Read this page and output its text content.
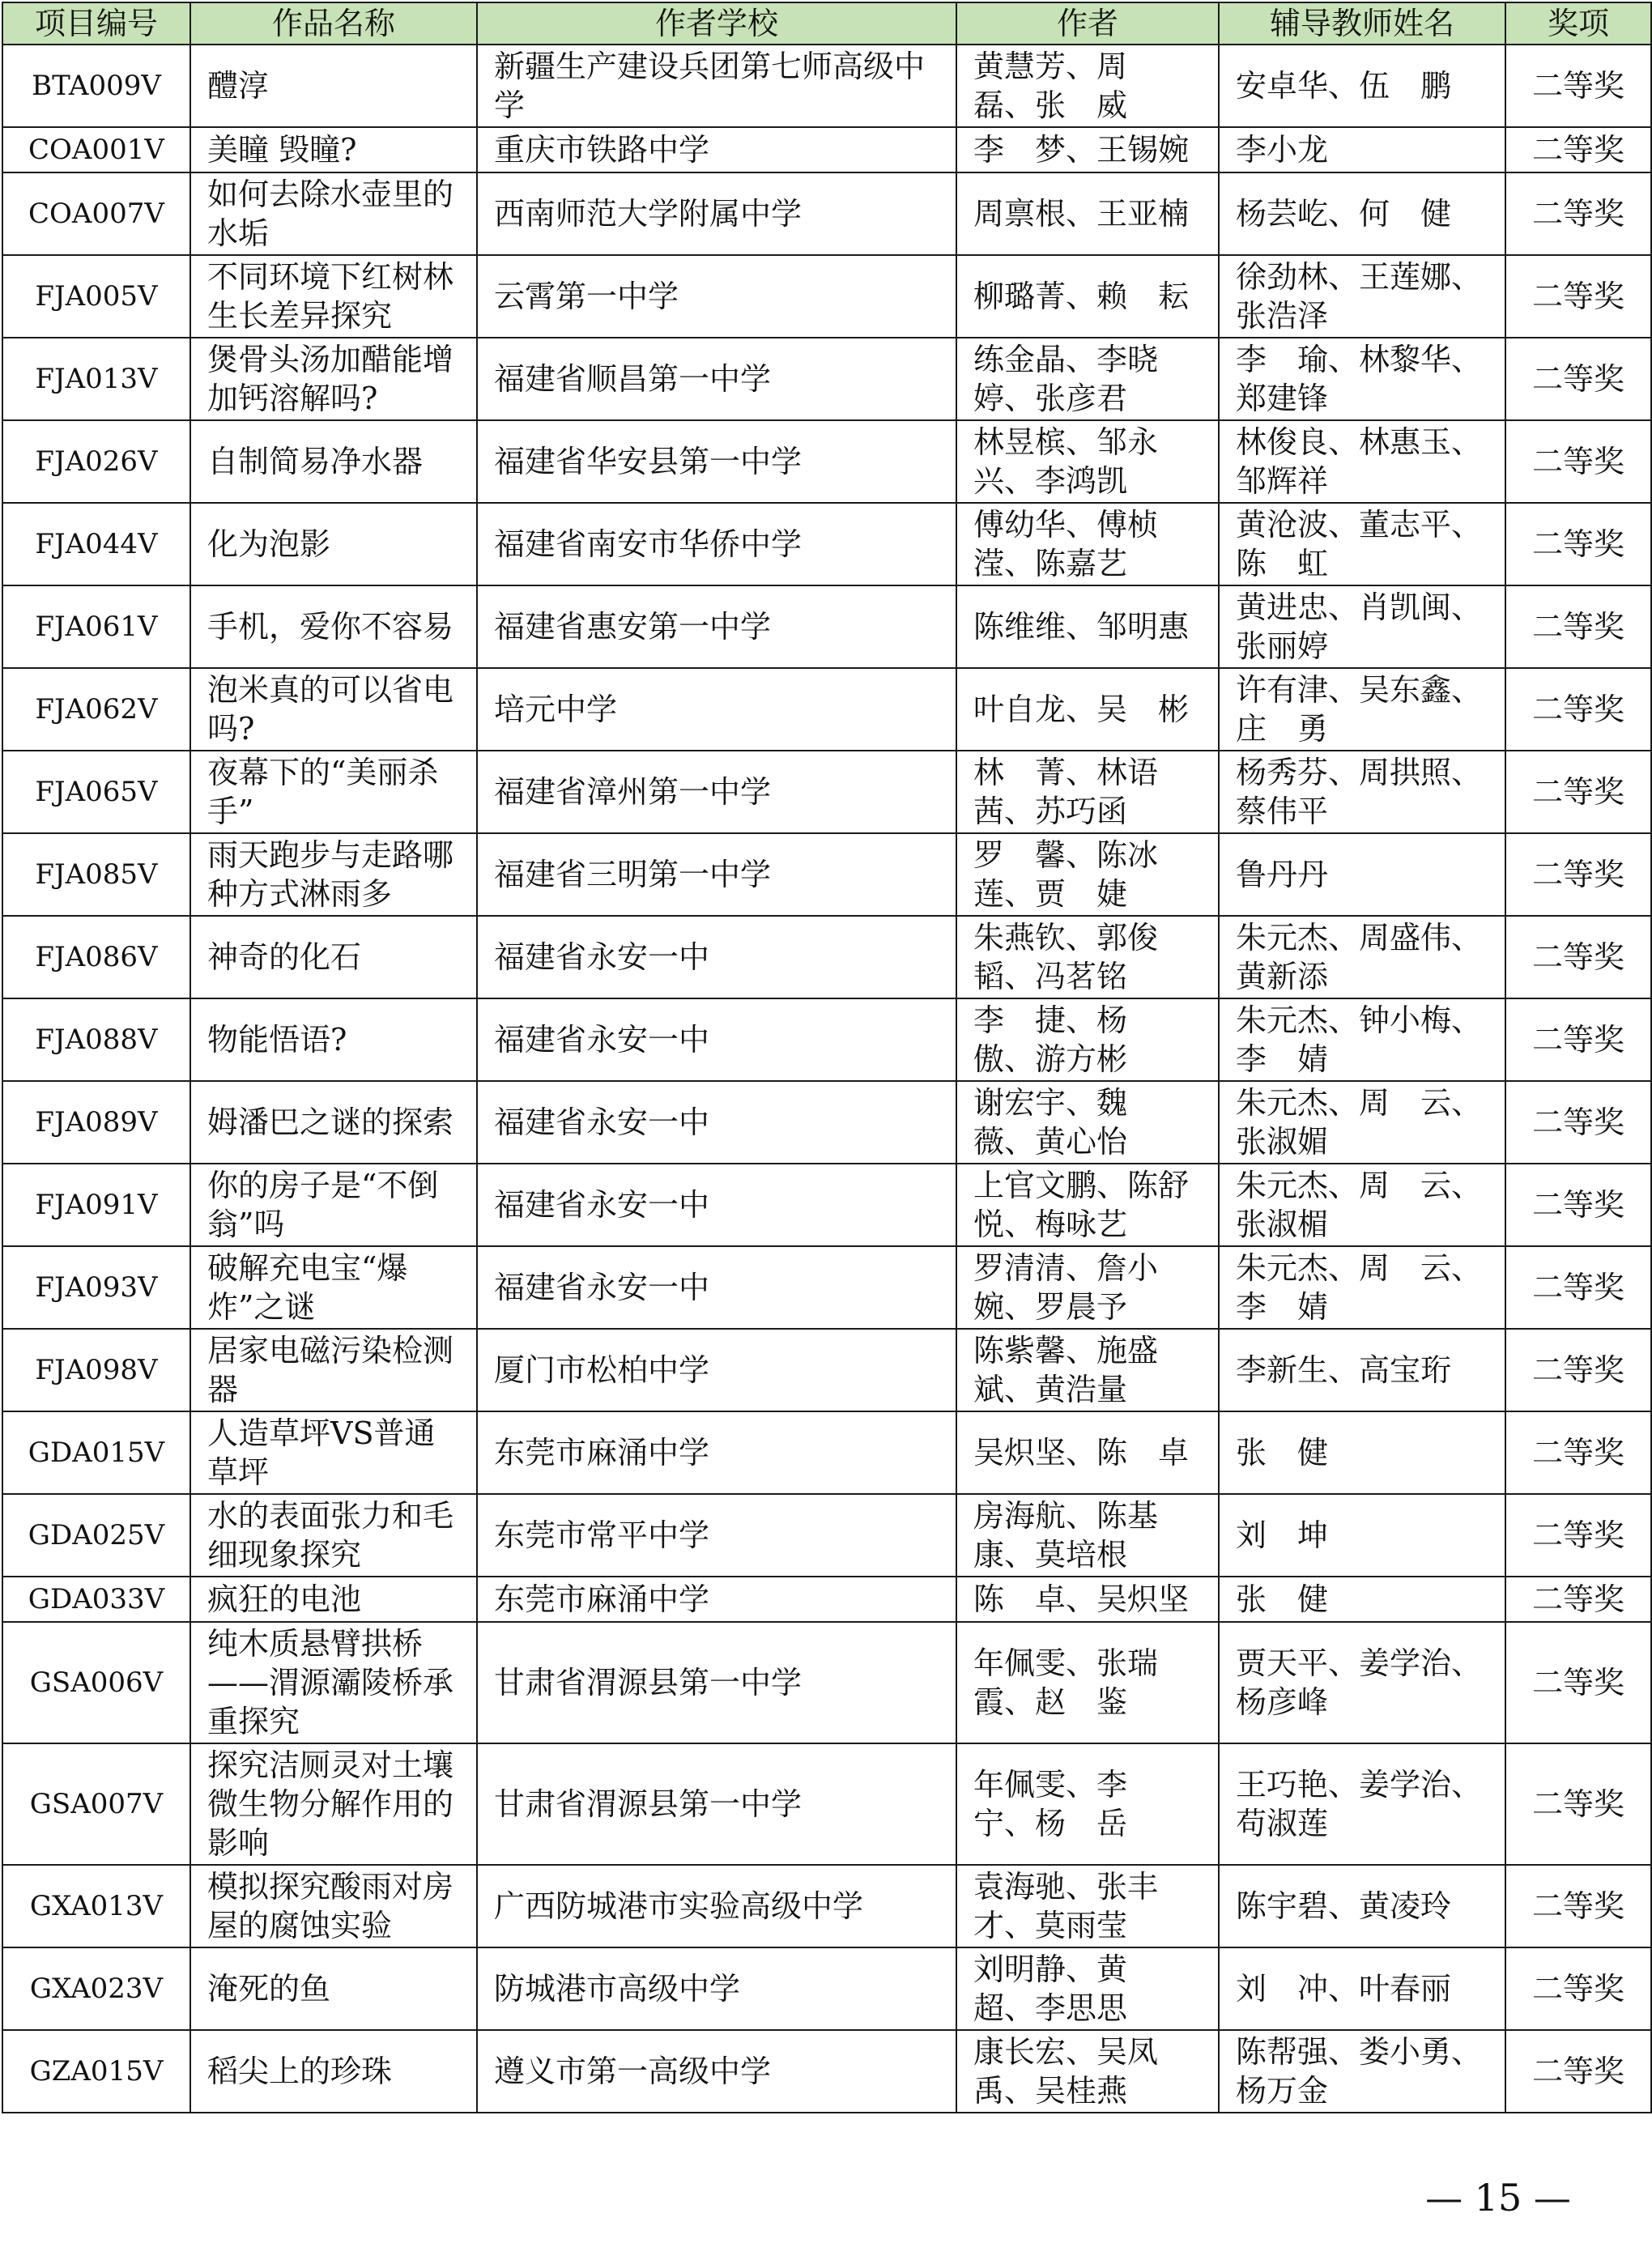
项目编号	作品名称	作者学校	作者	辅导教师姓名	奖项
BTA009V	醴淳	新疆生产建设兵团第七师高级中学	黄慧芳、周　磊、张　威	安卓华、伍　鹏	二等奖
COA001V	美瞳 毁瞳?	重庆市铁路中学	李　梦、王锡婉	李小龙	二等奖
COA007V	如何去除水壶里的水垢	西南师范大学附属中学	周禀根、王亚楠	杨芸屹、何　健	二等奖
FJA005V	不同环境下红树林生长差异探究	云霄第一中学	柳璐菁、赖　耘	徐劲林、王莲娜、张浩泽	二等奖
FJA013V	煲骨头汤加醋能增加钙溶解吗?	福建省顺昌第一中学	练金晶、李晓婷、张彦君	李　瑜、林黎华、郑建锋	二等奖
FJA026V	自制简易净水器	福建省华安县第一中学	林昱槟、邹永兴、李鸿凯	林俊良、林惠玉、邹辉祥	二等奖
FJA044V	化为泡影	福建省南安市华侨中学	傅幼华、傅桢滢、陈嘉艺	黄沧波、董志平、陈　虹	二等奖
FJA061V	手机，爱你不容易	福建省惠安第一中学	陈维维、邹明惠	黄进忠、肖凯闽、张丽婷	二等奖
FJA062V	泡米真的可以省电吗?	培元中学	叶自龙、吴　彬	许有津、吴东鑫、庄　勇	二等奖
FJA065V	夜幕下的“美丽杀手”	福建省漳州第一中学	林　菁、林语茜、苏巧函	杨秀芬、周拱照、蔡伟平	二等奖
FJA085V	雨天跑步与走路哪种方式淋雨多	福建省三明第一中学	罗　馨、陈冰莲、贾　婕	鲁丹丹	二等奖
FJA086V	神奇的化石	福建省永安一中	朱燕钦、郭俊韬、冯茗铭	朱元杰、周盛伟、黄新添	二等奖
FJA088V	物能悟语?	福建省永安一中	李　捷、杨　傲、游方彬	朱元杰、钟小梅、李　婧	二等奖
FJA089V	姆潘巴之谜的探索	福建省永安一中	谢宏宇、魏　薇、黄心怡	朱元杰、周　云、张淑媚	二等奖
FJA091V	你的房子是“不倒翁”吗	福建省永安一中	上官文鹏、陈舒悦、梅咏艺	朱元杰、周　云、张淑楣	二等奖
FJA093V	破解充电宝“爆炸”之谜	福建省永安一中	罗清清、詹小婉、罗晨予	朱元杰、周　云、李　婧	二等奖
FJA098V	居家电磁污染检测器	厦门市松柏中学	陈紫馨、施盛斌、黄浩量	李新生、高宝珩	二等奖
GDA015V	人造草坪VS普通草坪	东莞市麻涌中学	吴炽坚、陈　卓	张　健	二等奖
GDA025V	水的表面张力和毛细现象探究	东莞市常平中学	房海航、陈基康、莫培根	刘　坤	二等奖
GDA033V	疯狂的电池	东莞市麻涌中学	陈　卓、吴炽坚	张　健	二等奖
GSA006V	纯木质悬臂拱桥——渭源灞陵桥承重探究	甘肃省渭源县第一中学	年佩雯、张瑞霞、赵　鉴	贾天平、姜学治、杨彦峰	二等奖
GSA007V	探究洁厕灵对土壤微生物分解作用的影响	甘肃省渭源县第一中学	年佩雯、李　宁、杨　岳	王巧艳、姜学治、苟淑莲	二等奖
GXA013V	模拟探究酸雨对房屋的腐蚀实验	广西防城港市实验高级中学	袁海驰、张丰才、莫雨莹	陈宇碧、黄凌玲	二等奖
GXA023V	淹死的鱼	防城港市高级中学	刘明静、黄　超、李思思	刘　冲、叶春丽	二等奖
GZA015V	稻尖上的珍珠	遵义市第一高级中学	康长宏、吴凤禹、吴桂燕	陈帮强、娄小勇、杨万金	二等奖
— 15 —
